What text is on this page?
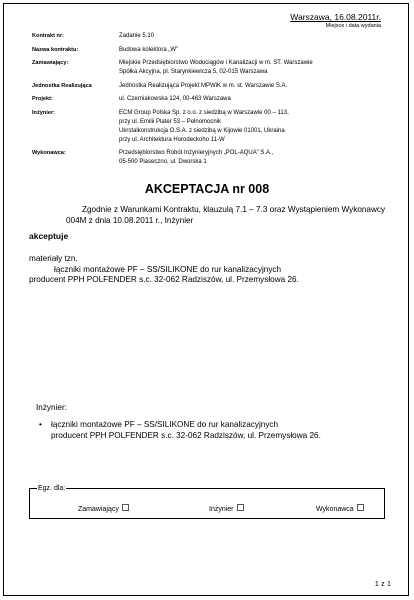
Warszawa, 16.08.2011r.
Miejsce i data wydania
Kontrakt nr:	Zadanie 5.10
Nazwa kontraktu:	Budowa kolektora „W”
Zamawiający:	Miejskie Przedsiębiorstwo Wodociągów i Kanalizacji w m. ST. Warszawie
Spółka Akcyjna, pl. Starynkiewicza 5, 02-015 Warszawa
Jednostka Realizująca	Jednostka Realizująca Projekt MPWiK w m. st. Warszawie S.A.
Projekt:	ul. Czerniakowska 124, 00-463 Warszawa
Inżynier:	ECM Group Polska Sp. z o.o. z siedzibą w Warszawie 00 – 113,
przy ul. Emilii Plater 53 – Pełnomocnik
Ukrstalkonstrukcja O.S.A. z siedzibą w Kijowie 01001, Ukraina
przy ul. Architektura Horodeckoho 11-W
Wykonawca:	Przedsiębiorstwo Robót Inżynieryjnych „POL-AQUA” S.A.,
05-500 Piaseczno, ul. Dworska 1
AKCEPTACJA nr 008
Zgodnie z Warunkami Kontraktu, klauzulą 7.1 – 7.3 oraz Wystąpieniem Wykonawcy 004M z dnia 10.08.2011 r., Inżynier
akceptuje
materiały tzn.
łączniki montażowe PF – SS/SILIKONE do rur kanalizacyjnych
producent PPH POLFENDER s.c. 32-062 Radziszów, ul. Przemysłowa 26.
Inżynier:
•	łączniki montażowe PF – SS/SILIKONE do rur kanalizacyjnych
producent PPH POLFENDER s.c. 32-062 Radziszów, ul. Przemysłowa 26.
Egz. dla:
Zamawiający	Inżynier	Wykonawca
1 z 1
